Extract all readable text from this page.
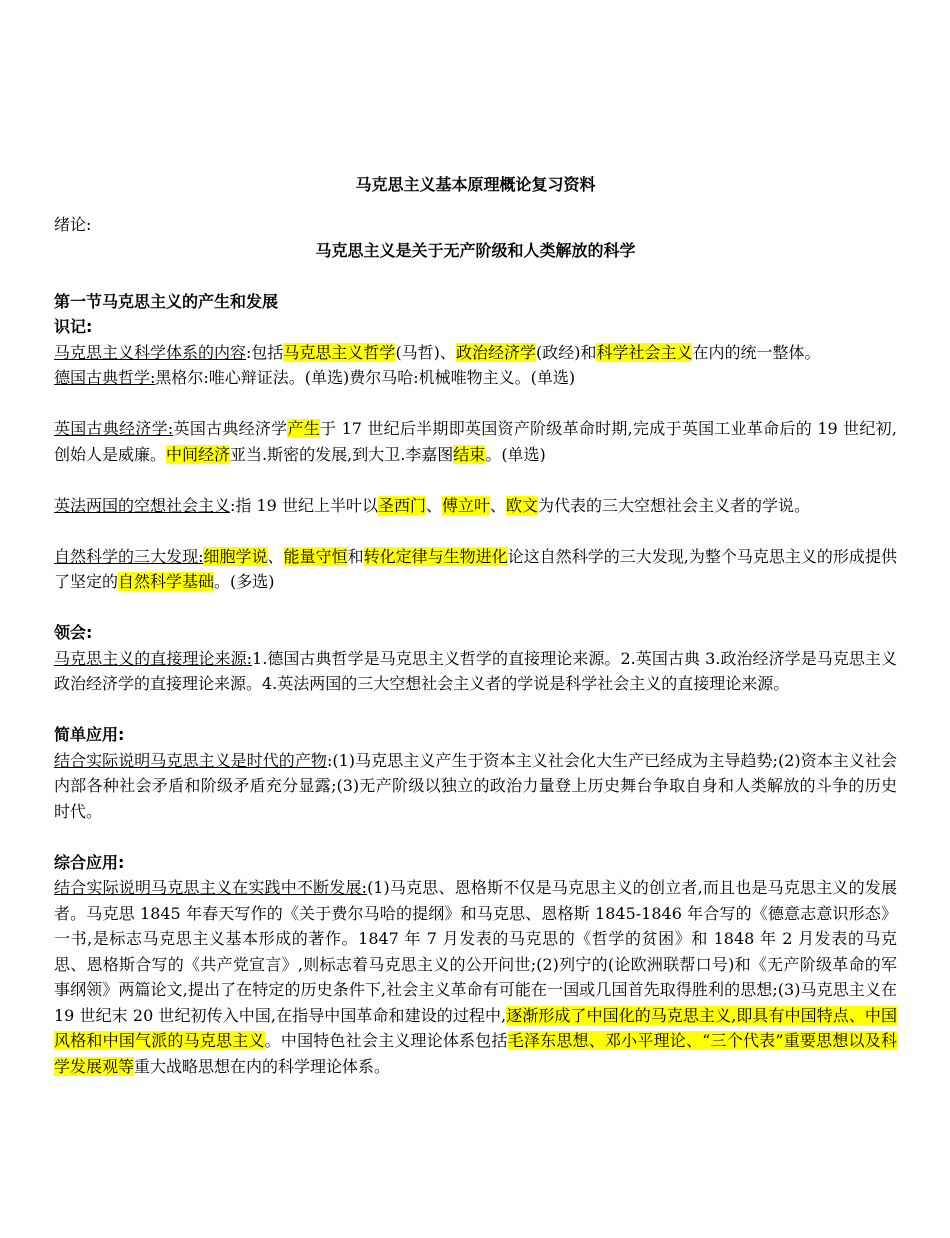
马克思主义基本原理概论复习资料

绪论:

马克思主义是关于无产阶级和人类解放的科学

第一节马克思主义的产生和发展

识记:

马克思主义科学体系的内容:包括马克思主义哲学(马哲)、政治经济学(政经)和科学社会主义在内的统一整体。

德国古典哲学:黑格尔:唯心辩证法。(单选)费尔马哈:机械唯物主义。(单选)

英国古典经济学:英国古典经济学产生于 17 世纪后半期即英国资产阶级革命时期,完成于英国工业革命后的 19 世纪初,创始人是威廉。中间经济亚当.斯密的发展,到大卫.李嘉图结束。(单选)

英法两国的空想社会主义:指 19 世纪上半叶以圣西门、傅立叶、欧文为代表的三大空想社会主义者的学说。

自然科学的三大发现:细胞学说、能量守恒和转化定律与生物进化论这自然科学的三大发现,为整个马克思主义的形成提供了坚定的自然科学基础。(多选)

领会:

马克思主义的直接理论来源:1.德国古典哲学是马克思主义哲学的直接理论来源。2.英国古典 3.政治经济学是马克思主义政治经济学的直接理论来源。4.英法两国的三大空想社会主义者的学说是科学社会主义的直接理论来源。

简单应用:

结合实际说明马克思主义是时代的产物:(1)马克思主义产生于资本主义社会化大生产已经成为主导趋势;(2)资本主义社会内部各种社会矛盾和阶级矛盾充分显露;(3)无产阶级以独立的政治力量登上历史舞台争取自身和人类解放的斗争的历史时代。

综合应用:

结合实际说明马克思主义在实践中不断发展:(1)马克思、恩格斯不仅是马克思主义的创立者,而且也是马克思主义的发展者。马克思 1845 年春天写作的《关于费尔马哈的提纲》和马克思、恩格斯 1845-1846 年合写的《德意志意识形态》一书,是标志马克思主义基本形成的著作。1847 年 7 月发表的马克思的《哲学的贫困》和 1848 年 2 月发表的马克思、恩格斯合写的《共产党宣言》,则标志着马克思主义的公开问世;(2)列宁的(论欧洲联帮口号)和《无产阶级革命的军事纲领》两篇论文,提出了在特定的历史条件下,社会主义革命有可能在一国或几国首先取得胜利的思想;(3)马克思主义在 19 世纪末 20 世纪初传入中国,在指导中国革命和建设的过程中,逐渐形成了中国化的马克思主义,即具有中国特点、中国风格和中国气派的马克思主义。中国特色社会主义理论体系包括毛泽东思想、邓小平理论、“三个代表”重要思想以及科学发展观等重大战略思想在内的科学理论体系。
